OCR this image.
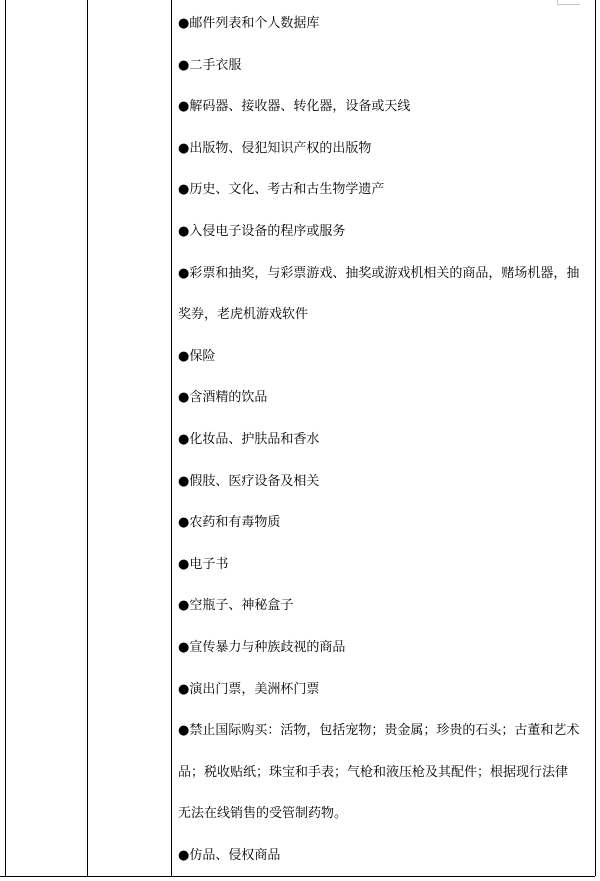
●邮件列表和个人数据库
●二手衣服
●解码器、接收器、转化器，设备或天线
●出版物、侵犯知识产权的出版物
●历史、文化、考古和古生物学遗产
●入侵电子设备的程序或服务
●彩票和抽奖，与彩票游戏、抽奖或游戏机相关的商品，赌场机器，抽
奖券，老虎机游戏软件
●保险
●含酒精的饮品
●化妆品、护肤品和香水
●假肢、医疗设备及相关
●农药和有毒物质
●电子书
●空瓶子、神秘盒子
●宣传暴力与种族歧视的商品
●演出门票，美洲杯门票
●禁止国际购买：活物，包括宠物；贵金属；珍贵的石头；古董和艺术
品；税收贴纸；珠宝和手表；气枪和液压枪及其配件；根据现行法律
无法在线销售的受管制药物。
●仿品、侵权商品
